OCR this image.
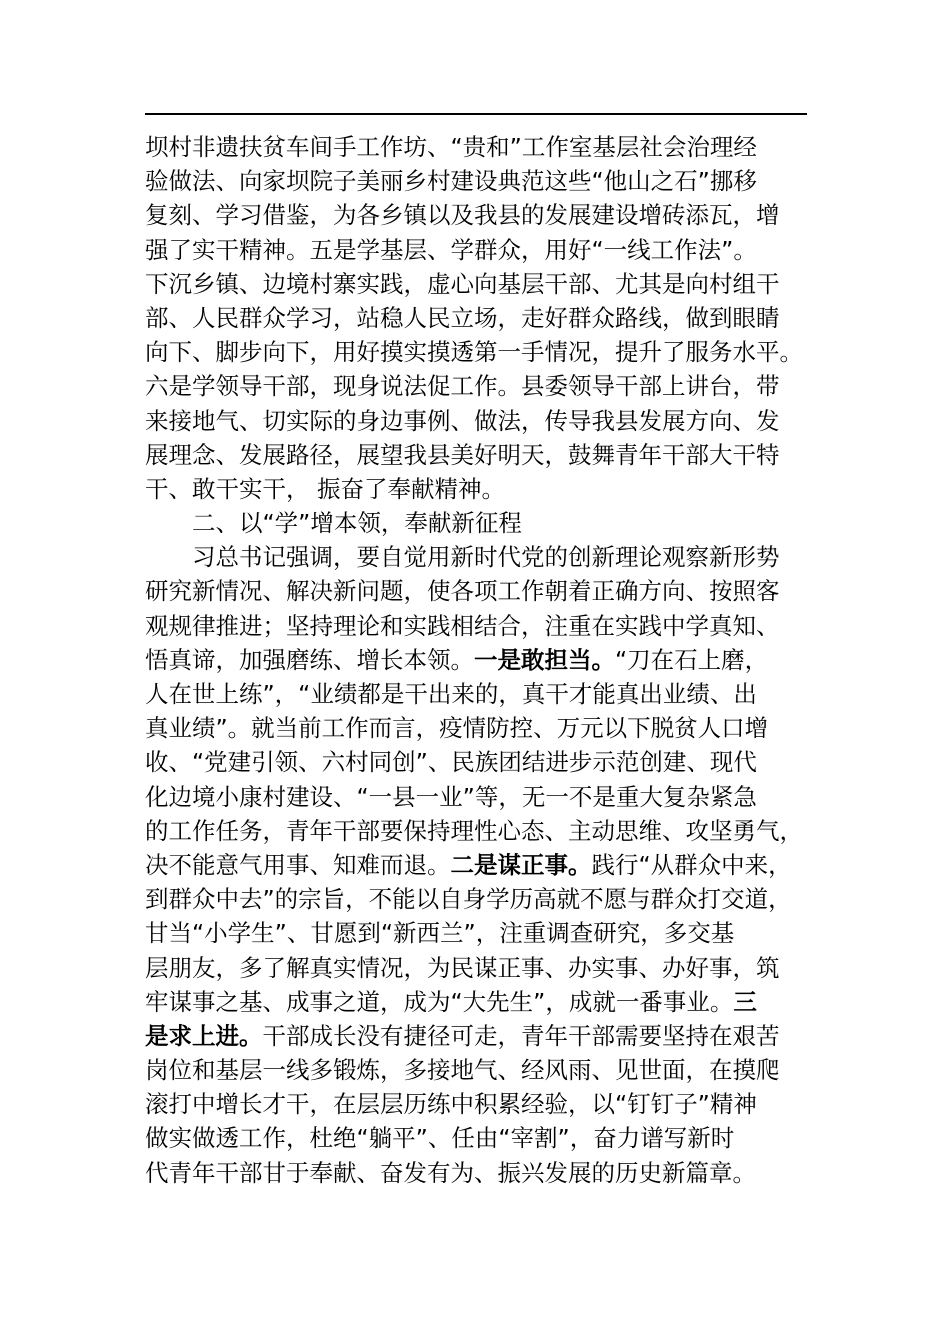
坝村非遗扶贫车间手工作坊、“贵和”工作室基层社会治理经
验做法、向家坝院子美丽乡村建设典范这些“他山之石”挪移
复刻、学习借鉴，为各乡镇以及我县的发展建设增砖添瓦，增
强了实干精神。五是学基层、学群众，用好“一线工作法”。
下沉乡镇、边境村寨实践，虚心向基层干部、尤其是向村组干
部、人民群众学习，站稳人民立场，走好群众路线，做到眼睛
向下、脚步向下，用好摸实摸透第一手情况，提升了服务水平。
六是学领导干部，现身说法促工作。县委领导干部上讲台，带
来接地气、切实际的身边事例、做法，传导我县发展方向、发
展理念、发展路径，展望我县美好明天，鼓舞青年干部大干特
干、敢干实干， 振奋了奉献精神。
二、以“学”增本领，奉献新征程
习总书记强调，要自觉用新时代党的创新理论观察新形势
研究新情况、解决新问题，使各项工作朝着正确方向、按照客
观规律推进；坚持理论和实践相结合，注重在实践中学真知、
悟真谛，加强磨练、增长本领。一是敢担当。“刀在石上磨，
人在世上练”，“业绩都是干出来的，真干才能真出业绩、出
真业绩”。就当前工作而言，疫情防控、万元以下脱贫人口增
收、“党建引领、六村同创”、民族团结进步示范创建、现代
化边境小康村建设、“一县一业”等，无一不是重大复杂紧急
的工作任务，青年干部要保持理性心态、主动思维、攻坚勇气，
决不能意气用事、知难而退。二是谋正事。践行“从群众中来，
到群众中去”的宗旨，不能以自身学历高就不愿与群众打交道，
甘当“小学生”、甘愿到“新西兰”，注重调查研究，多交基
层朋友，多了解真实情况，为民谋正事、办实事、办好事，筑
牢谋事之基、成事之道，成为“大先生”，成就一番事业。三
是求上进。干部成长没有捷径可走，青年干部需要坚持在艰苦
岗位和基层一线多锻炼，多接地气、经风雨、见世面，在摸爬
滚打中增长才干，在层层历练中积累经验，以“钉钉子”精神
做实做透工作，杜绝“躺平”、任由“宰割”，奋力谱写新时
代青年干部甘于奉献、奋发有为、振兴发展的历史新篇章。
